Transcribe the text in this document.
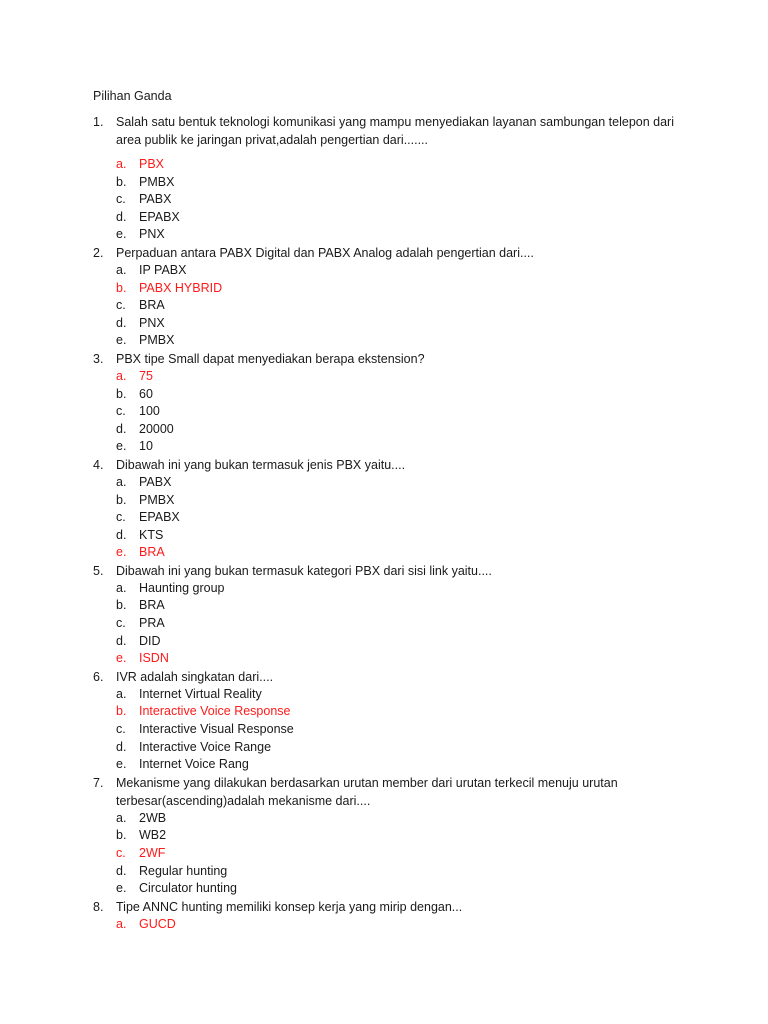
Pilihan Ganda
1. Salah satu bentuk teknologi komunikasi yang mampu menyediakan layanan sambungan telepon dari area publik ke jaringan privat,adalah pengertian dari.......
a. PBX
b. PMBX
c. PABX
d. EPABX
e. PNX
2. Perpaduan antara PABX Digital dan PABX Analog adalah pengertian dari....
a. IP PABX
b. PABX HYBRID
c. BRA
d. PNX
e. PMBX
3. PBX tipe Small dapat menyediakan berapa ekstension?
a. 75
b. 60
c. 100
d. 20000
e. 10
4. Dibawah ini yang bukan termasuk jenis PBX yaitu....
a. PABX
b. PMBX
c. EPABX
d. KTS
e. BRA
5. Dibawah ini yang bukan termasuk kategori PBX dari sisi link yaitu....
a. Haunting group
b. BRA
c. PRA
d. DID
e. ISDN
6. IVR adalah singkatan dari....
a. Internet Virtual Reality
b. Interactive Voice Response
c. Interactive Visual Response
d. Interactive Voice Range
e. Internet Voice Rang
7. Mekanisme yang dilakukan berdasarkan urutan member dari urutan terkecil menuju urutan terbesar(ascending)adalah mekanisme dari....
a. 2WB
b. WB2
c. 2WF
d. Regular hunting
e. Circulator hunting
8. Tipe ANNC hunting memiliki konsep kerja yang mirip dengan...
a. GUCD
